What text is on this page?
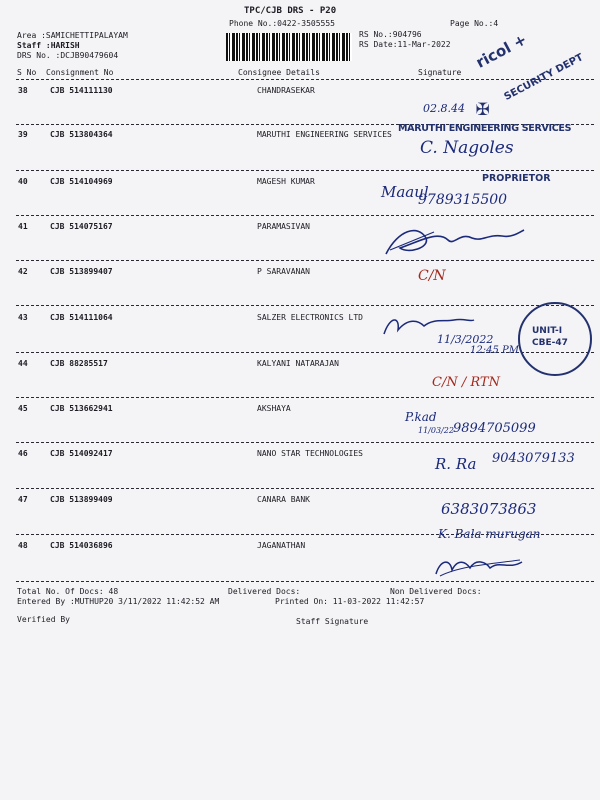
TPC/CJB DRS - P20
Phone No.:0422-3505555	Page No.:4
Area :SAMICHETTIPALAYAM
Staff :HARISH
DRS No. :DCJB90479604
RS No.:904796
RS Date:11-Mar-2022
S No Consignment No	Consignee Details	Signature
38	CJB 514111130	CHANDRASEKAR
39	CJB 513804364	MARUTHI ENGINEERING SERVICES
40	CJB 514104969	MAGESH KUMAR
41	CJB 514075167	PARAMASIVAN
42	CJB 513899407	P SARAVANAN
43	CJB 514111064	SALZER ELECTRONICS LTD
44	CJB 88285517	KALYANI NATARAJAN
45	CJB 513662941	AKSHAYA
46	CJB 514092417	NANO STAR TECHNOLOGIES
47	CJB 513899409	CANARA BANK
48	CJB 514036896	JAGANATHAN
Total No. Of Docs: 48	Delivered Docs:	Non Delivered Docs:
Entered By :MUTHUP20 3/11/2022 11:42:52 AM	Printed On: 11-03-2022 11:42:57
Verified By	Staff Signature
ricol +
SECURITY DEPT
✠
02.8.44
MARUTHI ENGINEERING SERVICES
C. Nagoles
PROPRIETOR
Maaul
9789315500
C/N
11/3/2022
12:45 PM
UNIT-I
CBE-47
C/N / RTN
P.kad
11/03/22 9894705099
R. Ra 9043079133
6383073863
K. Bala murugan
